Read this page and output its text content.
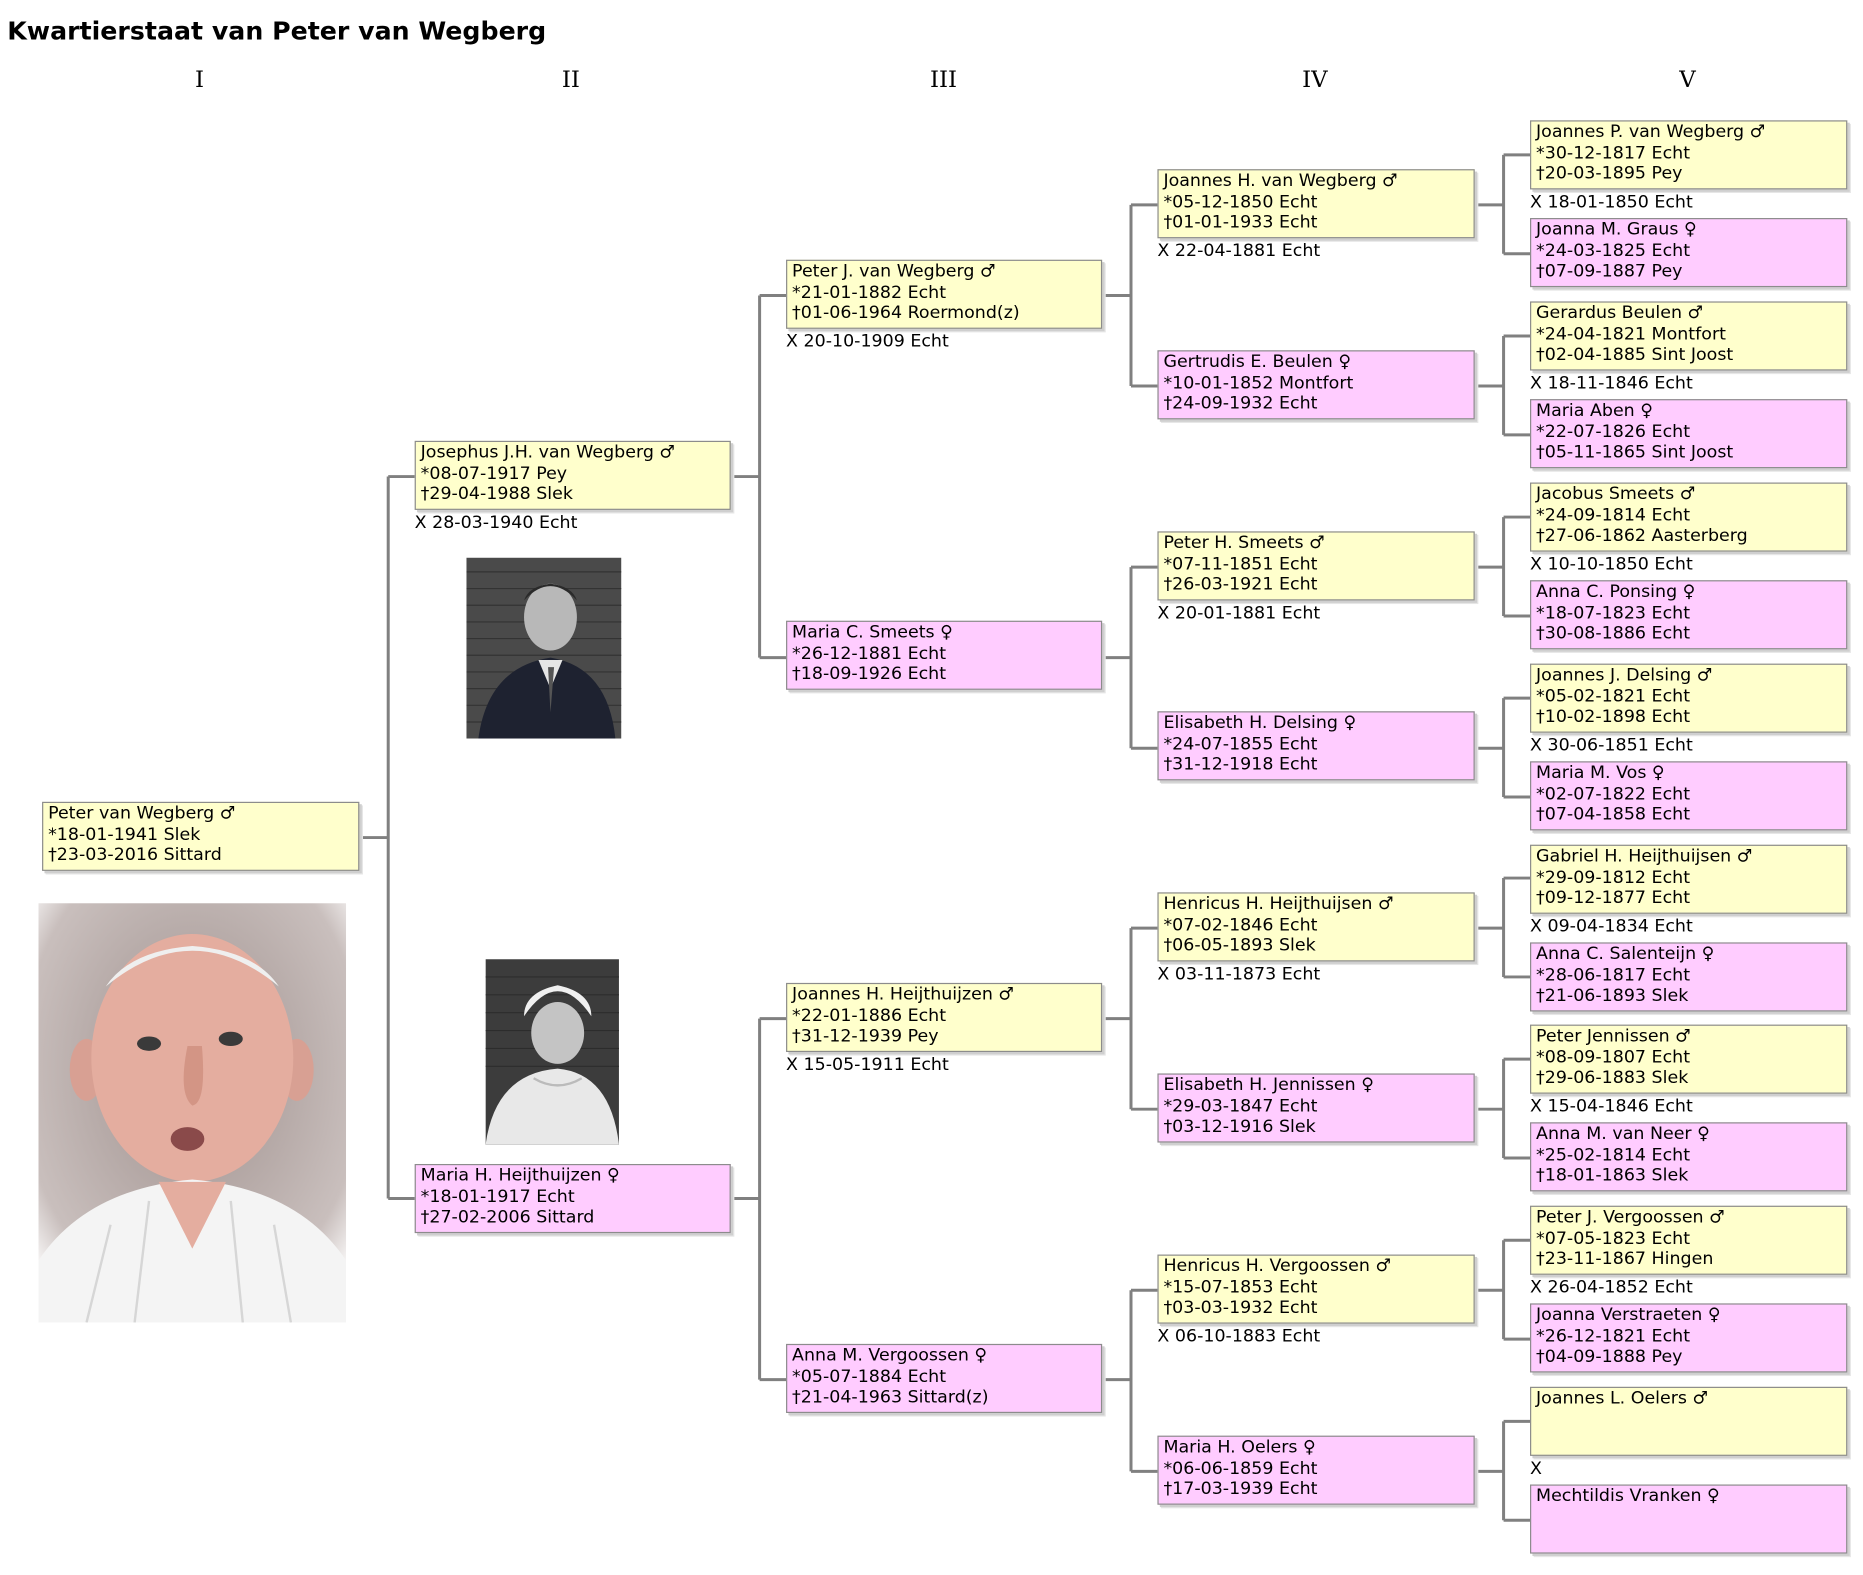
Kwartierstaat van Peter van Wegberg
I	II	III	IV	V
Peter van Wegberg ♂
*18-01-1941 Slek
†23-03-2016 Sittard
Josephus J.H. van Wegberg ♂
*08-07-1917 Pey
†29-04-1988 Slek
X 28-03-1940 Echt
Maria H. Heijthuijzen ♀
*18-01-1917 Echt
†27-02-2006 Sittard
Peter J. van Wegberg ♂
*21-01-1882 Echt
†01-06-1964 Roermond(z)
X 20-10-1909 Echt
Maria C. Smeets ♀
*26-12-1881 Echt
†18-09-1926 Echt
Joannes H. Heijthuijzen ♂
*22-01-1886 Echt
†31-12-1939 Pey
X 15-05-1911 Echt
Anna M. Vergoossen ♀
*05-07-1884 Echt
†21-04-1963 Sittard(z)
Joannes H. van Wegberg ♂
*05-12-1850 Echt
†01-01-1933 Echt
X 22-04-1881 Echt
Gertrudis E. Beulen ♀
*10-01-1852 Montfort
†24-09-1932 Echt
Peter H. Smeets ♂
*07-11-1851 Echt
†26-03-1921 Echt
X 20-01-1881 Echt
Elisabeth H. Delsing ♀
*24-07-1855 Echt
†31-12-1918 Echt
Henricus H. Heijthuijsen ♂
*07-02-1846 Echt
†06-05-1893 Slek
X 03-11-1873 Echt
Elisabeth H. Jennissen ♀
*29-03-1847 Echt
†03-12-1916 Slek
Henricus H. Vergoossen ♂
*15-07-1853 Echt
†03-03-1932 Echt
X 06-10-1883 Echt
Maria H. Oelers ♀
*06-06-1859 Echt
†17-03-1939 Echt
Joannes P. van Wegberg ♂
*30-12-1817 Echt
†20-03-1895 Pey
X 18-01-1850 Echt
Joanna M. Graus ♀
*24-03-1825 Echt
†07-09-1887 Pey
Gerardus Beulen ♂
*24-04-1821 Montfort
†02-04-1885 Sint Joost
X 18-11-1846 Echt
Maria Aben ♀
*22-07-1826 Echt
†05-11-1865 Sint Joost
Jacobus Smeets ♂
*24-09-1814 Echt
†27-06-1862 Aasterberg
X 10-10-1850 Echt
Anna C. Ponsing ♀
*18-07-1823 Echt
†30-08-1886 Echt
Joannes J. Delsing ♂
*05-02-1821 Echt
†10-02-1898 Echt
X 30-06-1851 Echt
Maria M. Vos ♀
*02-07-1822 Echt
†07-04-1858 Echt
Gabriel H. Heijthuijsen ♂
*29-09-1812 Echt
†09-12-1877 Echt
X 09-04-1834 Echt
Anna C. Salenteijn ♀
*28-06-1817 Echt
†21-06-1893 Slek
Peter Jennissen ♂
*08-09-1807 Echt
†29-06-1883 Slek
X 15-04-1846 Echt
Anna M. van Neer ♀
*25-02-1814 Echt
†18-01-1863 Slek
Peter J. Vergoossen ♂
*07-05-1823 Echt
†23-11-1867 Hingen
X 26-04-1852 Echt
Joanna Verstraeten ♀
*26-12-1821 Echt
†04-09-1888 Pey
Joannes L. Oelers ♂
X
Mechtildis Vranken ♀
